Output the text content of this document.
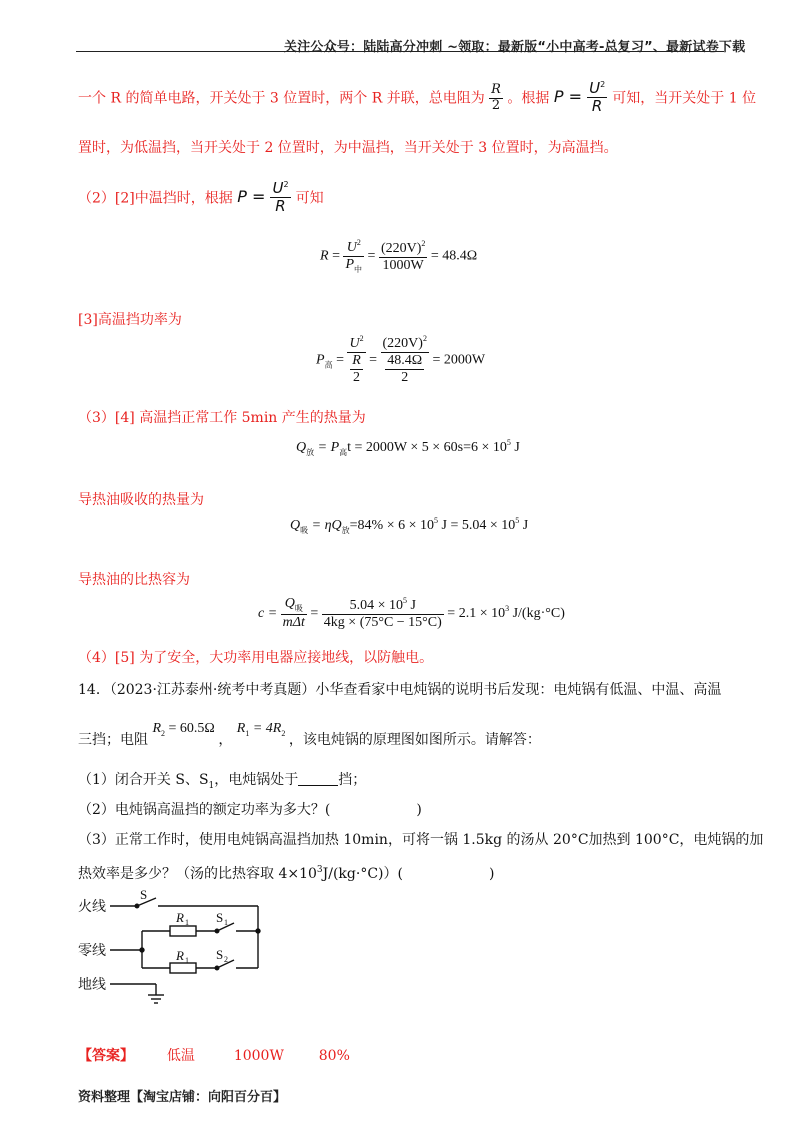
关注公众号：陆陆高分冲刺 ~领取：最新版“小中高考-总复习”、最新试卷下载
一个 R 的简单电路，开关处于 3 位置时，两个 R 并联，总电阻为 $\frac{R}{2}$ 。根据 $P = \frac{U^2}{R}$ 可知，当开关处于 1 位
置时，为低温挡，当开关处于 2 位置时，为中温挡，当开关处于 3 位置时，为高温挡。
（2）[2]中温挡时，根据 $P = \frac{U^2}{R}$ 可知
$R = \frac{U^2}{P_中} = \frac{(220V)^2}{1000W} = 48.4\Omega$
[3]高温挡功率为
$P_高 = \frac{U^2}{\frac{R}{2}} = \frac{(220V)^2}{\frac{48.4\Omega}{2}} = 2000W$
（3）[4] 高温挡正常工作 5min 产生的热量为
$Q_放 = P_高t = 2000W \times 5 \times 60s=6 \times 10^5$ J
导热油吸收的热量为
$Q_吸 = \eta Q_放=84\% \times 6 \times 10^5$ $J = 5.04 \times 10^5$ J
导热油的比热容为
$c = \frac{Q_吸}{\text{mΔt}} = \frac{5.04 \times 10^5 J}{4kg \times (75^\circ C - 15^\circ C)} = 2.1 \times 10^3$ J/(kg·°C)
（4）[5] 为了安全，大功率用电器应接地线，以防触电。
14．（2023·江苏泰州·统考中考真题）小华查看家中电炖锅的说明书后发现：电炖锅有低温、中温、高温
三挡；电阻 $R_2 = 60.5\Omega$ ， $R_1 = 4R_2$ ，该电炖锅的原理图如图所示。请解答：
（1）闭合开关 S、$S_1$，电炖锅处于	挡；
（2）电炖锅高温挡的额定功率为多大？(	)
（3）正常工作时，使用电炖锅高温挡加热 10min，可将一锅 1.5kg 的汤从 20°C加热到 100°C，电炖锅的加
热效率是多少？（汤的比热容取 $4\times 10^3J/(kg\cdot^\circ C)$）(	)
火线
零线
地线
S
R 1 S 1
R 1 S 2
【答案】 低温	1000W 80%
资料整理【淘宝店铺：向阳百分百】
